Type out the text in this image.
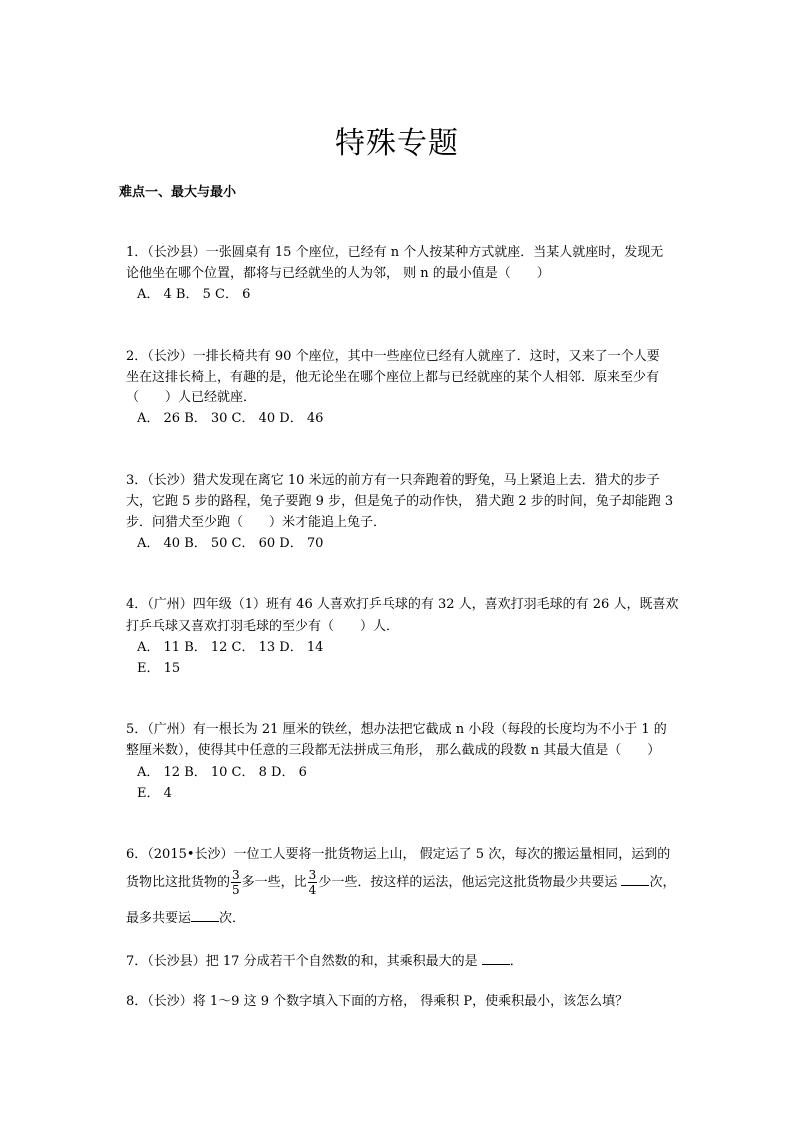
特殊专题
难点一、最大与最小
1．（长沙县）一张圆桌有 15 个座位，已经有 n 个人按某种方式就座．当某人就座时，发现无
论他坐在哪个位置，都将与已经就坐的人为邻， 则 n 的最小值是（　　）
A． 4 B． 5 C． 6
2．（长沙）一排长椅共有 90 个座位，其中一些座位已经有人就座了．这时，又来了一个人要
坐在这排长椅上，有趣的是，他无论坐在哪个座位上都与已经就座的某个人相邻．原来至少有
（　　）人已经就座．
A． 26 B． 30 C． 40 D． 46
3．（长沙）猎犬发现在离它 10 米远的前方有一只奔跑着的野兔，马上紧追上去．猎犬的步子
大，它跑 5 步的路程，兔子要跑 9 步，但是兔子的动作快， 猎犬跑 2 步的时间，兔子却能跑 3
步．问猎犬至少跑（　　）米才能追上兔子．
A． 40 B． 50 C． 60 D． 70
4．（广州）四年级（1）班有 46 人喜欢打乒乓球的有 32 人，喜欢打羽毛球的有 26 人，既喜欢
打乒乓球又喜欢打羽毛球的至少有（　　）人．
A． 11 B． 12 C． 13 D． 14
E． 15
5．（广州）有一根长为 21 厘米的铁丝，想办法把它截成 n 小段（每段的长度均为不小于 1 的
整厘米数），使得其中任意的三段都无法拼成三角形， 那么截成的段数 n 其最大值是（　　）
A． 12 B． 10 C． 8 D． 6
E． 4
6．（2015•长沙）一位工人要将一批货物运上山， 假定运了 5 次，每次的搬运量相同，运到的
货物比这批货物的 $\frac{3}{5}$ 多一些，比 $\frac{3}{4}$ 少一些．按这样的运法，他运完这批货物最少共要运 次，
最多共要运 次．
7．（长沙县）把 17 分成若干个自然数的和，其乘积最大的是 ．
8．（长沙）将 1～9 这 9 个数字填入下面的方格， 得乘积 P，使乘积最小，该怎么填？
